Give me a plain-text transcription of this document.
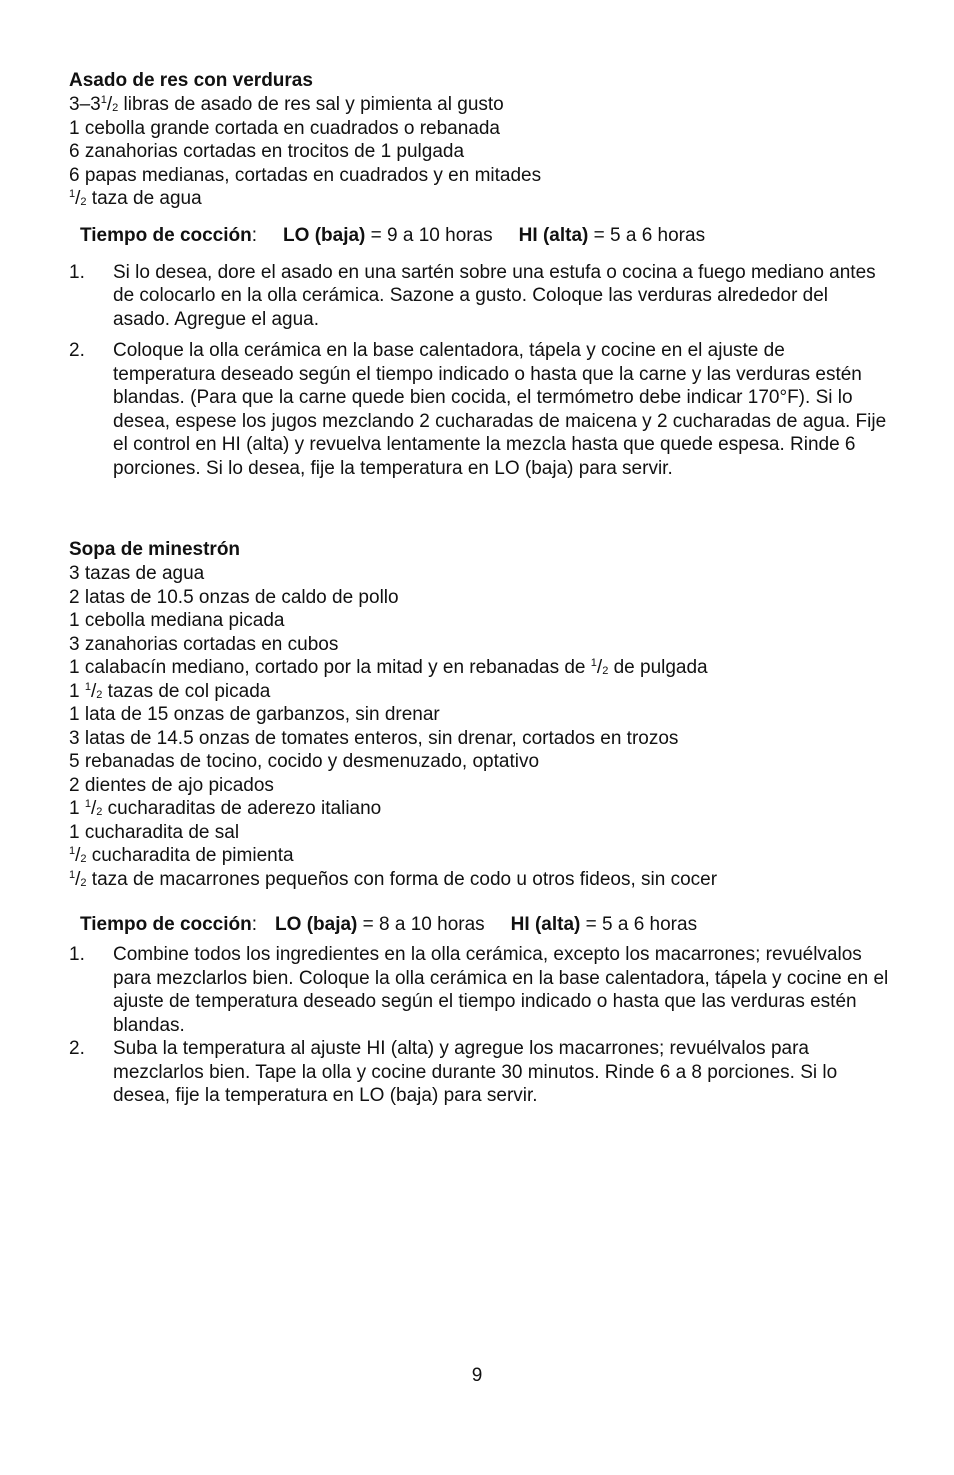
Asado de res con verduras

$3-3^1/_2$ libras de asado de res sal y pimienta al gusto
1 cebolla grande cortada en cuadrados o rebanada
6 zanahorias cortadas en trocitos de 1 pulgada
6 papas medianas, cortadas en cuadrados y en mitades
$^1/_2$ taza de agua
Tiempo de cocción: LO (baja) = 9 a 10 horas HI (alta) = 5 a 6 horas
1. Si lo desea, dore el asado en una sartén sobre una estufa o cocina a fuego mediano antes de colocarlo en la olla cerámica. Sazone a gusto. Coloque las verduras alrededor del asado. Agregue el agua.
2. Coloque la olla cerámica en la base calentadora, tápela y cocine en el ajuste de temperatura deseado según el tiempo indicado o hasta que la carne y las verduras estén blandas. (Para que la carne quede bien cocida, el termómetro debe indicar 170°F). Si lo desea, espese los jugos mezclando 2 cucharadas de maicena y 2 cucharadas de agua. Fije el control en HI (alta) y revuelva lentamente la mezcla hasta que quede espesa. Rinde 6 porciones. Si lo desea, fije la temperatura en LO (baja) para servir.

Sopa de minestrón

3 tazas de agua
2 latas de 10.5 onzas de caldo de pollo
1 cebolla mediana picada
3 zanahorias cortadas en cubos
1 calabacín mediano, cortado por la mitad y en rebanadas de $^1/_2$ de pulgada
1 $^1/_2$ tazas de col picada
1 lata de 15 onzas de garbanzos, sin drenar
3 latas de 14.5 onzas de tomates enteros, sin drenar, cortados en trozos
5 rebanadas de tocino, cocido y desmenuzado, optativo
2 dientes de ajo picados
1 $^1/_2$ cucharaditas de aderezo italiano
1 cucharadita de sal
$^1/_2$ cucharadita de pimienta
$^1/_2$ taza de macarrones pequeños con forma de codo u otros fideos, sin cocer
Tiempo de cocción: LO (baja) = 8 a 10 horas HI (alta) = 5 a 6 horas
1. Combine todos los ingredientes en la olla cerámica, excepto los macarrones; revuélvalos para mezclarlos bien. Coloque la olla cerámica en la base calentadora, tápela y cocine en el ajuste de temperatura deseado según el tiempo indicado o hasta que las verduras estén blandas.
2. Suba la temperatura al ajuste HI (alta) y agregue los macarrones; revuélvalos para mezclarlos bien. Tape la olla y cocine durante 30 minutos. Rinde 6 a 8 porciones. Si lo desea, fije la temperatura en LO (baja) para servir.
9
